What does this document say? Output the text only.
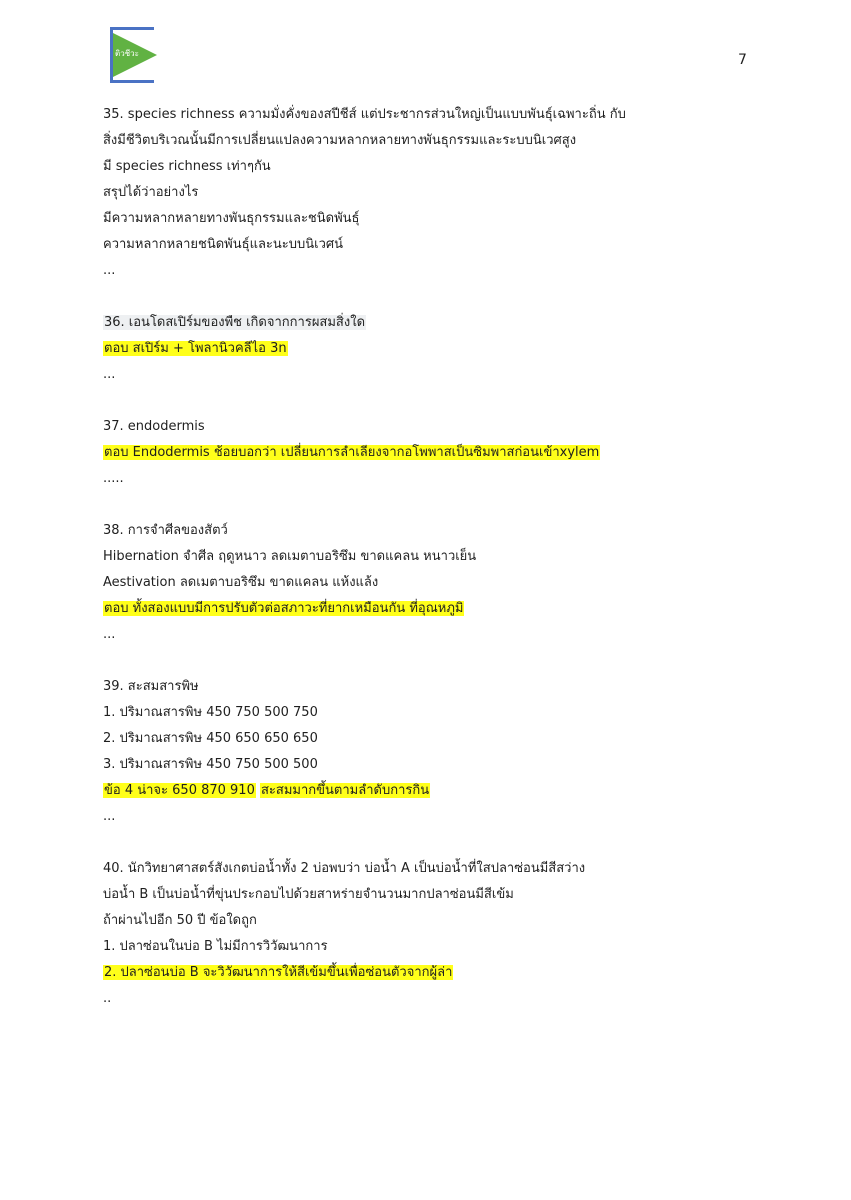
ติวชีวะ	7
35. species richness ความมั่งคั่งของสปีชีส์ แต่ประชากรส่วนใหญ่เป็นแบบพันธุ์เฉพาะถิ่น กับ
สิ่งมีชีวิตบริเวณนั้นมีการเปลี่ยนแปลงความหลากหลายทางพันธุกรรมและระบบนิเวศสูง
มี species richness เท่าๆกัน
สรุปได้ว่าอย่างไร
มีความหลากหลายทางพันธุกรรมและชนิดพันธุ์
ความหลากหลายชนิดพันธุ์และนะบบนิเวศน์
...
36. เอนโดสเปิร์มของพืช เกิดจากการผสมสิ่งใด
ตอบ สเปิร์ม + โพลานิวคลีไอ 3n
...
37. endodermis
ตอบ Endodermis ช้อยบอกว่า เปลี่ยนการลำเลียงจากอโพพาสเป็นซิมพาสก่อนเข้าxylem
.....
38. การจำศีลของสัตว์
Hibernation จำศีล ฤดูหนาว ลดเมตาบอริซึม ขาดแคลน หนาวเย็น
Aestivation ลดเมตาบอริซึม ขาดแคลน แห้งแล้ง
ตอบ ทั้งสองแบบมีการปรับตัวต่อสภาวะที่ยากเหมือนกัน ที่อุณหภูมิ
...
39. สะสมสารพิษ
1. ปริมาณสารพิษ 450 750 500 750
2. ปริมาณสารพิษ 450 650 650 650
3. ปริมาณสารพิษ 450 750 500 500
ข้อ 4 น่าจะ 650 870 910 สะสมมากขึ้นตามลำดับการกิน
...
40. นักวิทยาศาสตร์สังเกตบ่อน้ำทั้ง 2 บ่อพบว่า บ่อน้ำ A เป็นบ่อน้ำที่ใสปลาซ่อนมีสีสว่าง
บ่อน้ำ B เป็นบ่อน้ำที่ขุ่นประกอบไปด้วยสาหร่ายจำนวนมากปลาซ่อนมีสีเข้ม
ถ้าผ่านไปอีก 50 ปี ข้อใดถูก
1. ปลาซ่อนในบ่อ B ไม่มีการวิวัฒนาการ
2. ปลาซ่อนบ่อ B จะวิวัฒนาการให้สีเข้มขึ้นเพื่อซ่อนตัวจากผู้ล่า
..
